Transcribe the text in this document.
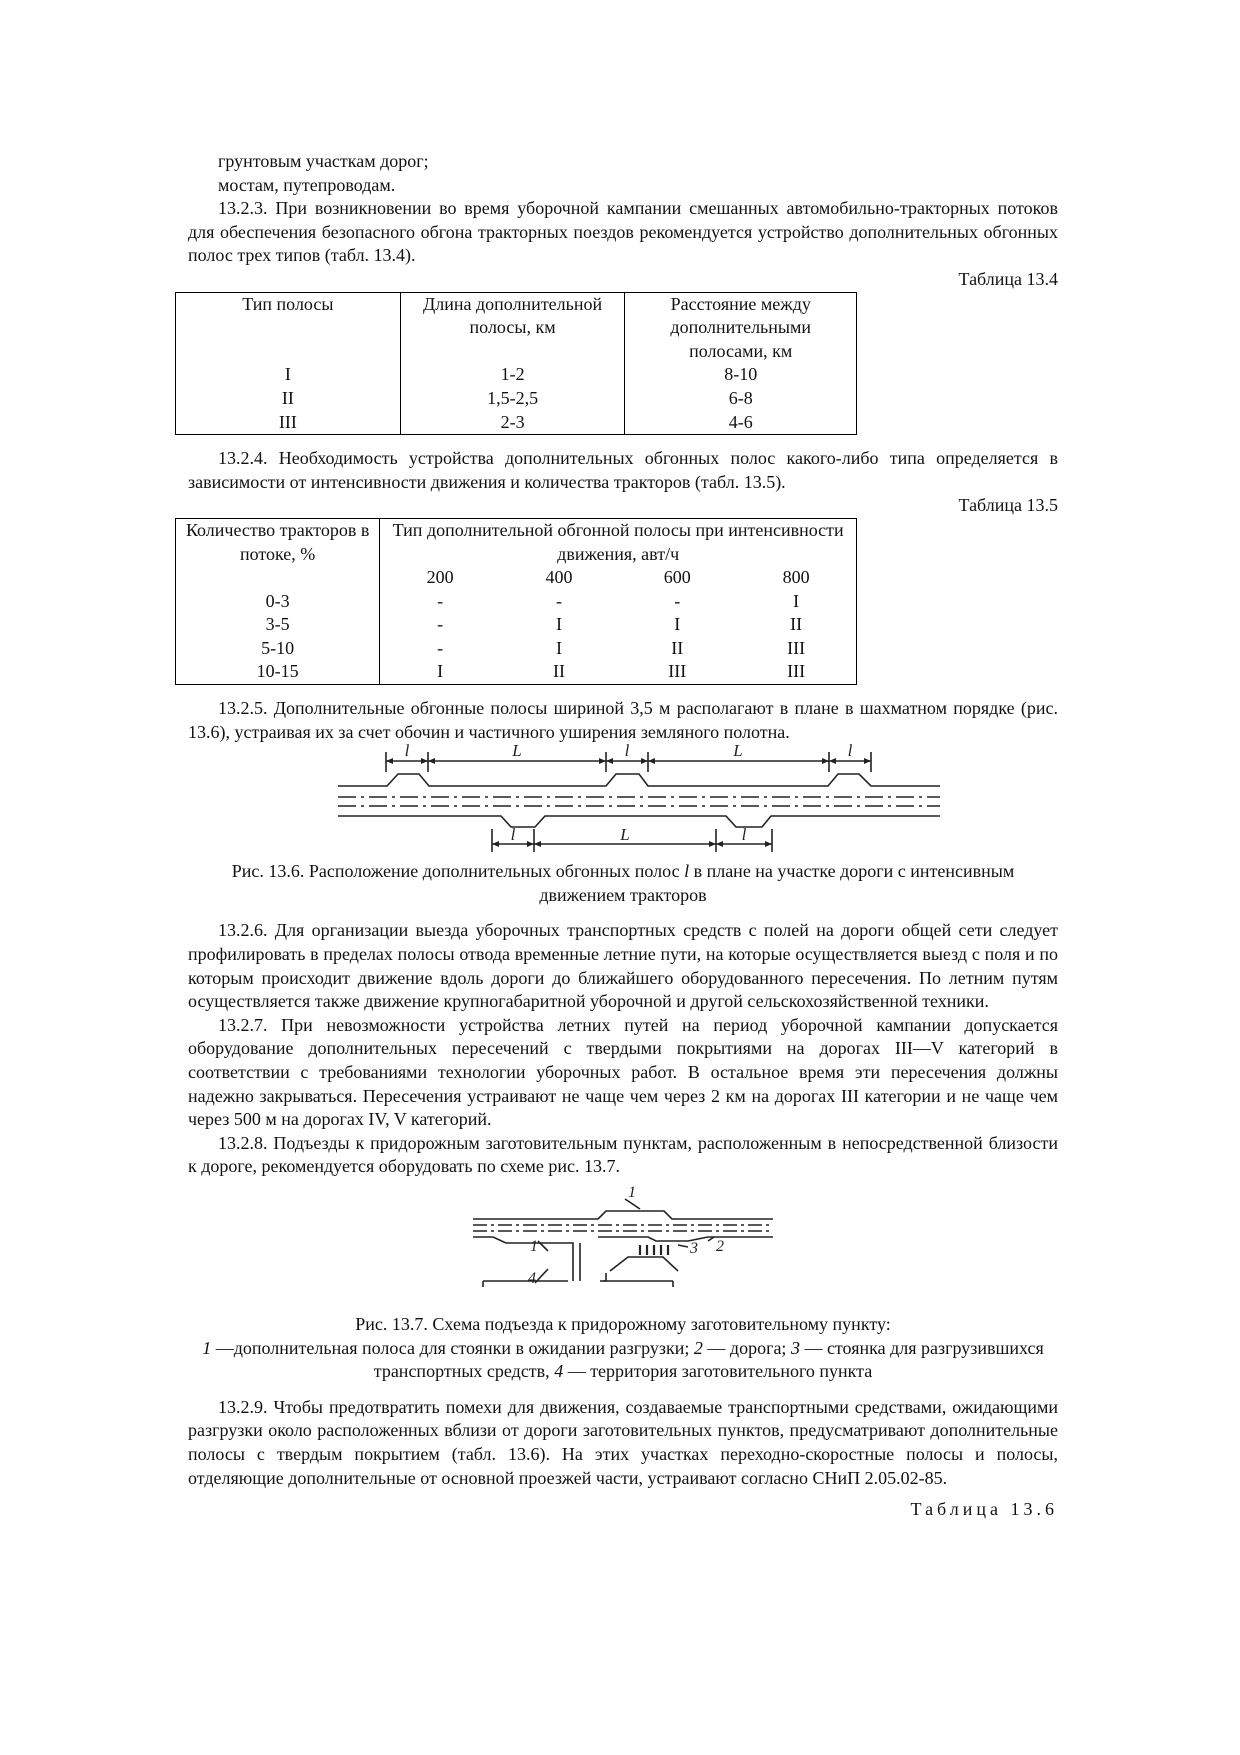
грунтовым участкам дорог;

мостам, путепроводам.

13.2.3. При возникновении во время уборочной кампании смешанных автомобильно-тракторных потоков для обеспечения безопасного обгона тракторных поездов рекомендуется устройство дополнительных обгонных полос трех типов (табл. 13.4).

Таблица 13.4

Тип полосы	Длина дополнительной полосы, км	Расстояние между дополнительными полосами, км
I	1-2	8-10
II	1,5-2,5	6-8
III	2-3	4-6

13.2.4. Необходимость устройства дополнительных обгонных полос какого-либо типа определяется в зависимости от интенсивности движения и количества тракторов (табл. 13.5).

Таблица 13.5

Количество тракторов в потоке, %	Тип дополнительной обгонной полосы при интенсивности движения, авт/ч			
	200	400	600	800
0-3	-	-	-	I
3-5	-	I	I	II
5-10	-	I	II	III
10-15	I	II	III	III

13.2.5. Дополнительные обгонные полосы шириной 3,5 м располагают в плане в шахматном порядке (рис. 13.6), устраивая их за счет обочин и частичного уширения земляного полотна.

l	L	l	L	l
l	L	l

Рис. 13.6. Расположение дополнительных обгонных полос l в плане на участке дороги с интенсивным движением тракторов

13.2.6. Для организации выезда уборочных транспортных средств с полей на дороги общей сети следует профилировать в пределах полосы отвода временные летние пути, на которые осуществляется выезд с поля и по которым происходит движение вдоль дороги до ближайшего оборудованного пересечения. По летним путям осуществляется также движение крупногабаритной уборочной и другой сельскохозяйственной техники.

13.2.7. При невозможности устройства летних путей на период уборочной кампании допускается оборудование дополнительных пересечений с твердыми покрытиями на дорогах III—V категорий в соответствии с требованиями технологии уборочных работ. В остальное время эти пересечения должны надежно закрываться. Пересечения устраивают не чаще чем через 2 км на дорогах III категории и не чаще чем через 500 м на дорогах IV, V категорий.

13.2.8. Подъезды к придорожным заготовительным пунктам, расположенным в непосредственной близости к дороге, рекомендуется оборудовать по схеме рис. 13.7.

1
1	2
3
4

Рис. 13.7. Схема подъезда к придорожному заготовительному пункту:

1 —дополнительная полоса для стоянки в ожидании разгрузки; 2 — дорога; 3 — стоянка для разгрузившихся транспортных средств, 4 — территория заготовительного пункта

13.2.9. Чтобы предотвратить помехи для движения, создаваемые транспортными средствами, ожидающими разгрузки около расположенных вблизи от дороги заготовительных пунктов, предусматривают дополнительные полосы с твердым покрытием (табл. 13.6). На этих участках переходно-скоростные полосы и полосы, отделяющие дополнительные от основной проезжей части, устраивают согласно СНиП 2.05.02-85.

Таблица 13.6
